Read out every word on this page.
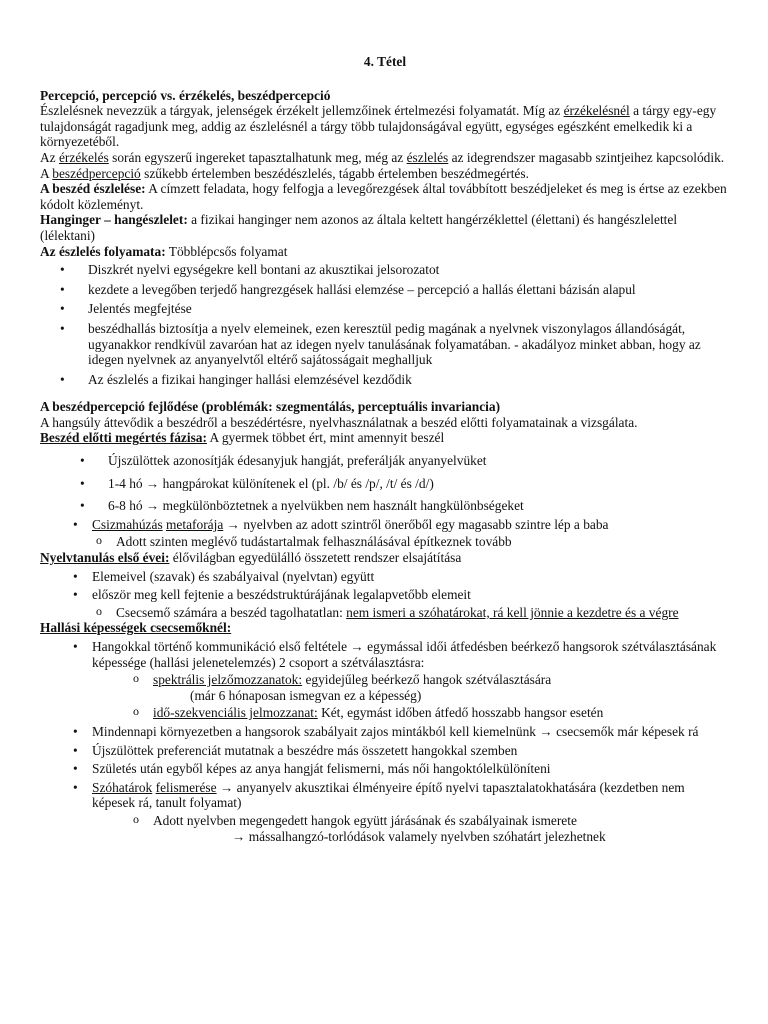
4. Tétel

Percepció, percepció vs. érzékelés, beszédpercepció

Észlelésnek nevezzük a tárgyak, jelenségek érzékelt jellemzőinek értelmezési folyamatát. Míg az érzékelésnél a tárgy egy-egy tulajdonságát ragadjunk meg, addig az észlelésnél a tárgy több tulajdonságával együtt, egységes egészként emelkedik ki a környezetéből.

Az érzékelés során egyszerű ingereket tapasztalhatunk meg, még az észlelés az idegrendszer magasabb szintjeihez kapcsolódik.

A beszédpercepció szűkebb értelemben beszédészlelés, tágabb értelemben beszédmegértés.

A beszéd észlelése: A címzett feladata, hogy felfogja a levegőrezgések által továbbított beszédjeleket és meg is értse az ezekben kódolt közleményt.

Hanginger – hangészlelet: a fizikai hanginger nem azonos az általa keltett hangérzéklettel (élettani) és hangészlelettel (lélektani)

Az észlelés folyamata: Többlépcsős folyamat

• Diszkrét nyelvi egységekre kell bontani az akusztikai jelsorozatot
• kezdete a levegőben terjedő hangrezgések hallási elemzése – percepció a hallás élettani bázisán alapul
• Jelentés megfejtése
• beszédhallás biztosítja a nyelv elemeinek, ezen keresztül pedig magának a nyelvnek viszonylagos állandóságát, ugyanakkor rendkívül zavaróan hat az idegen nyelv tanulásának folyamatában. - akadályoz minket abban, hogy az idegen nyelvnek az anyanyelvtől eltérő sajátosságait meghalljuk
• Az észlelés a fizikai hanginger hallási elemzésével kezdődik

A beszédpercepció fejlődése (problémák: szegmentálás, perceptuális invariancia)

A hangsúly áttevődik a beszédről a beszédértésre, nyelvhasználatnak a beszéd előtti folyamatainak a vizsgálata.

Beszéd előtti megértés fázisa: A gyermek többet ért, mint amennyit beszél

• Újszülöttek azonosítják édesanyjuk hangját, preferálják anyanyelvüket
• 1-4 hó → hangpárokat különítenek el (pl. /b/ és /p/, /t/ és /d/)
• 6-8 hó → megkülönböztetnek a nyelvükben nem használt hangkülönbségeket
• Csizmahúzás metaforája → nyelvben az adott szintről önerőből egy magasabb szintre lép a baba
o Adott szinten meglévő tudástartalmak felhasználásával építkeznek tovább

Nyelvtanulás első évei: élővilágban egyedülálló összetett rendszer elsajátítása

• Elemeivel (szavak) és szabályaival (nyelvtan) együtt
• először meg kell fejtenie a beszédstruktúrájának legalapvetőbb elemeit
o Csecsemő számára a beszéd tagolhatatlan: nem ismeri a szóhatárokat, rá kell jönnie a kezdetre és a végre

Hallási képességek csecsemőknél:

• Hangokkal történő kommunikáció első feltétele → egymással idői átfedésben beérkező hangsorok szétválasztásának képessége (hallási jelenetelemzés) 2 csoport a szétválasztásra:
o spektrális jelzőmozzanatok: egyidejűleg beérkező hangok szétválasztására
(már 6 hónaposan ismegvan ez a képesség)
o idő-szekvenciális jelmozzanat: Két, egymást időben átfedő hosszabb hangsor esetén
• Mindennapi környezetben a hangsorok szabályait zajos mintákból kell kiemelnünk → csecsemők már képesek rá
• Újszülöttek preferenciát mutatnak a beszédre más összetett hangokkal szemben
• Születés után egyből képes az anya hangját felismerni, más női hangoktólelkülöníteni
• Szóhatárok felismerése → anyanyelv akusztikai élményeire építő nyelvi tapasztalatokhatására (kezdetben nem képesek rá, tanult folyamat)
o Adott nyelvben megengedett hangok együtt járásának és szabályainak ismerete
→ mássalhangzó-torlódások valamely nyelvben szóhatárt jelezhetnek
